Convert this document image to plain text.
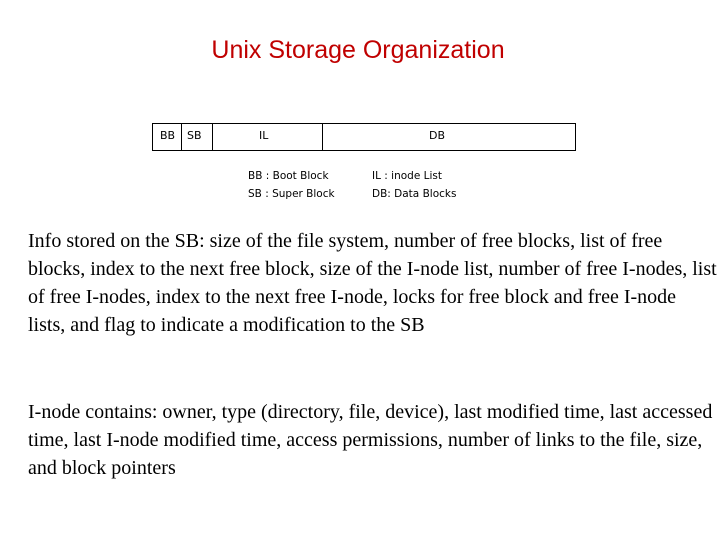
Unix Storage Organization
BB SB	IL	DB
BB : Boot Block
SB : Super Block
IL : inode List
DB: Data Blocks
Info stored on the SB: size of the file system, number of free blocks, list of free blocks, index to the next free block, size of the I-node list, number of free I-nodes, list of free I-nodes, index to the next free I-node, locks for free block and free I-node lists, and flag to indicate a modification to the SB
I-node contains: owner, type (directory, file, device), last modified time, last accessed time, last I-node modified time, access permissions, number of links to the file, size, and block pointers
